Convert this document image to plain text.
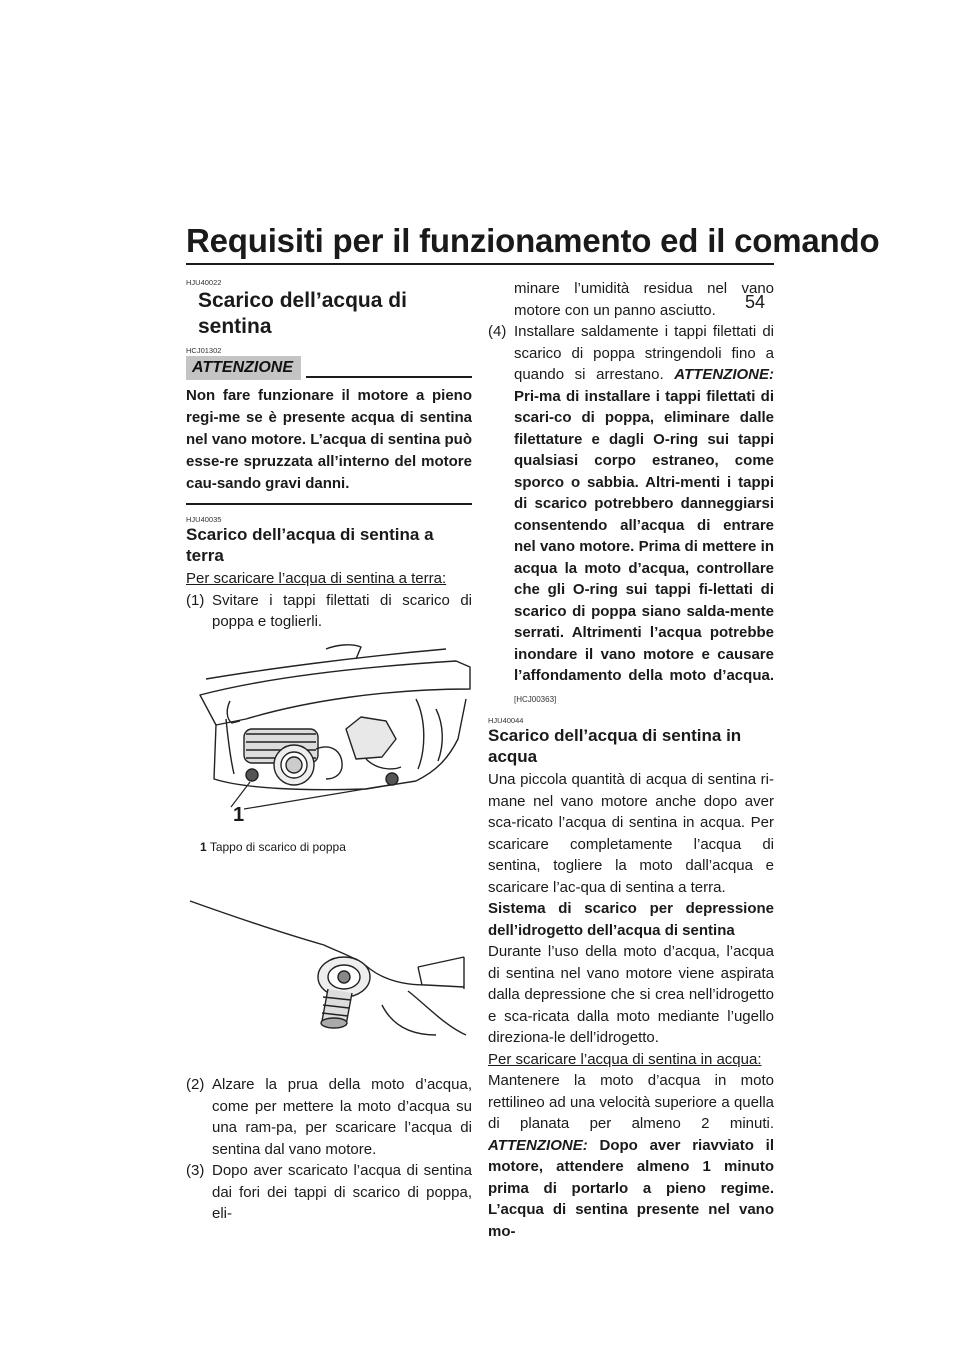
Requisiti per il funzionamento ed il comando
54
HJU40022
Scarico dell’acqua di sentina
HCJ01302
ATTENZIONE

Non fare funzionare il motore a pieno regi-me se è presente acqua di sentina nel vano motore. L’acqua di sentina può esse-re spruzzata all’interno del motore cau-sando gravi danni.

HJU40035
Scarico dell’acqua di sentina a terra

Per scaricare l’acqua di sentina a terra:

(1) Svitare i tappi filettati di scarico di poppa e toglierli.
1
1 Tappo di scarico di poppa
(2) Alzare la prua della moto d’acqua, come per mettere la moto d’acqua su una ram-pa, per scaricare l’acqua di sentina dal vano motore.
(3) Dopo aver scaricato l’acqua di sentina dai fori dei tappi di scarico di poppa, eli-

minare l’umidità residua nel vano motore con un panno asciutto.

(4) Installare saldamente i tappi filettati di scarico di poppa stringendoli fino a quando si arrestano. ATTENZIONE: Pri-ma di installare i tappi filettati di scari-co di poppa, eliminare dalle filettature e dagli O-ring sui tappi qualsiasi corpo estraneo, come sporco o sabbia. Altri-menti i tappi di scarico potrebbero danneggiarsi consentendo all’acqua di entrare nel vano motore. Prima di mettere in acqua la moto d’acqua, controllare che gli O-ring sui tappi fi-lettati di scarico di poppa siano salda-mente serrati. Altrimenti l’acqua potrebbe inondare il vano motore e causare l’affondamento della moto d’acqua. [HCJ00363]
HJU40044
Scarico dell’acqua di sentina in acqua

Una piccola quantità di acqua di sentina ri-mane nel vano motore anche dopo aver sca-ricato l’acqua di sentina in acqua. Per scaricare completamente l’acqua di sentina, togliere la moto dall’acqua e scaricare l’ac-qua di sentina a terra.

Sistema di scarico per depressione dell’idrogetto dell’acqua di sentina

Durante l’uso della moto d’acqua, l’acqua di sentina nel vano motore viene aspirata dalla depressione che si crea nell’idrogetto e sca-ricata dalla moto mediante l’ugello direziona-le dell’idrogetto.

Per scaricare l’acqua di sentina in acqua:

Mantenere la moto d’acqua in moto rettilineo ad una velocità superiore a quella di planata per almeno 2 minuti. ATTENZIONE: Dopo aver riavviato il motore, attendere almeno 1 minuto prima di portarlo a pieno regime. L’acqua di sentina presente nel vano mo-
